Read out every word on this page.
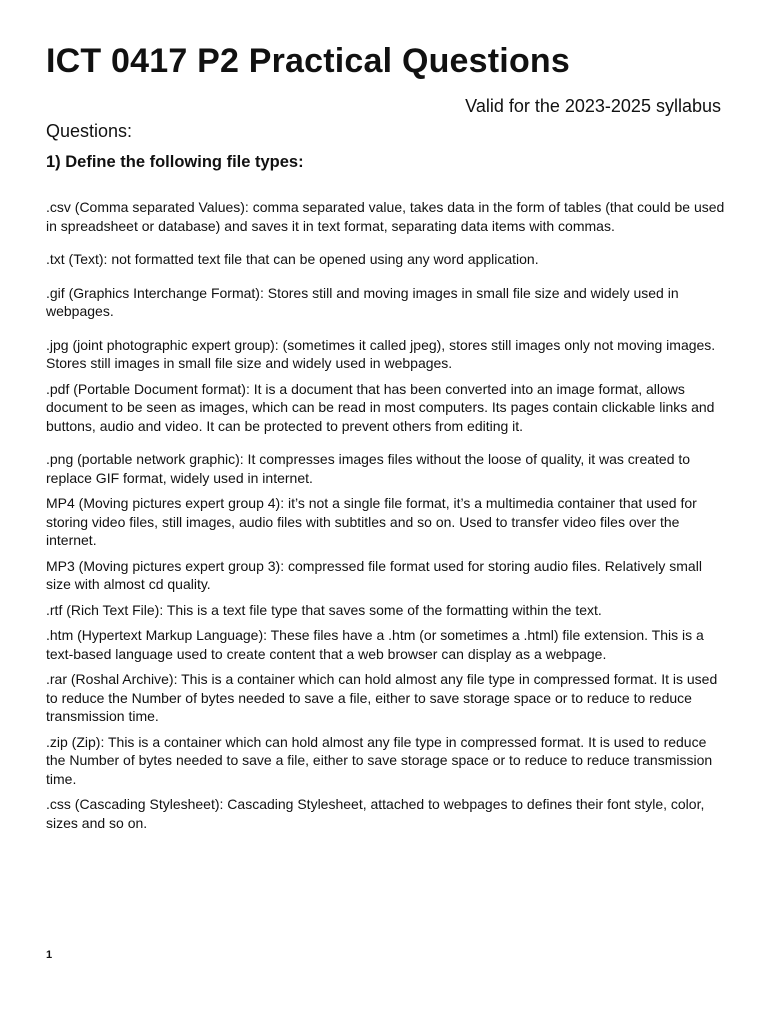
ICT 0417 P2 Practical Questions
Valid for the 2023-2025 syllabus
Questions:
1) Define the following file types:

.csv (Comma separated Values): comma separated value, takes data in the form of tables (that could be used in spreadsheet or database) and saves it in text format, separating data items with commas.

.txt (Text): not formatted text file that can be opened using any word application.

.gif (Graphics Interchange Format): Stores still and moving images in small file size and widely used in webpages.

.jpg (joint photographic expert group): (sometimes it called jpeg), stores still images only not moving images. Stores still images in small file size and widely used in webpages.

.pdf (Portable Document format): It is a document that has been converted into an image format, allows document to be seen as images, which can be read in most computers. Its pages contain clickable links and buttons, audio and video. It can be protected to prevent others from editing it.

.png (portable network graphic): It compresses images files without the loose of quality, it was created to replace GIF format, widely used in internet.

MP4 (Moving pictures expert group 4): it’s not a single file format, it’s a multimedia container that used for storing video files, still images, audio files with subtitles and so on. Used to transfer video files over the internet.

MP3 (Moving pictures expert group 3): compressed file format used for storing audio files. Relatively small size with almost cd quality.

.rtf (Rich Text File): This is a text file type that saves some of the formatting within the text.

.htm (Hypertext Markup Language): These files have a .htm (or sometimes a .html) file extension. This is a text-based language used to create content that a web browser can display as a webpage.

.rar (Roshal Archive): This is a container which can hold almost any file type in compressed format. It is used to reduce the Number of bytes needed to save a file, either to save storage space or to reduce to reduce transmission time.

.zip (Zip): This is a container which can hold almost any file type in compressed format. It is used to reduce the Number of bytes needed to save a file, either to save storage space or to reduce to reduce transmission time.

.css (Cascading Stylesheet): Cascading Stylesheet, attached to webpages to defines their font style, color, sizes and so on.

1
